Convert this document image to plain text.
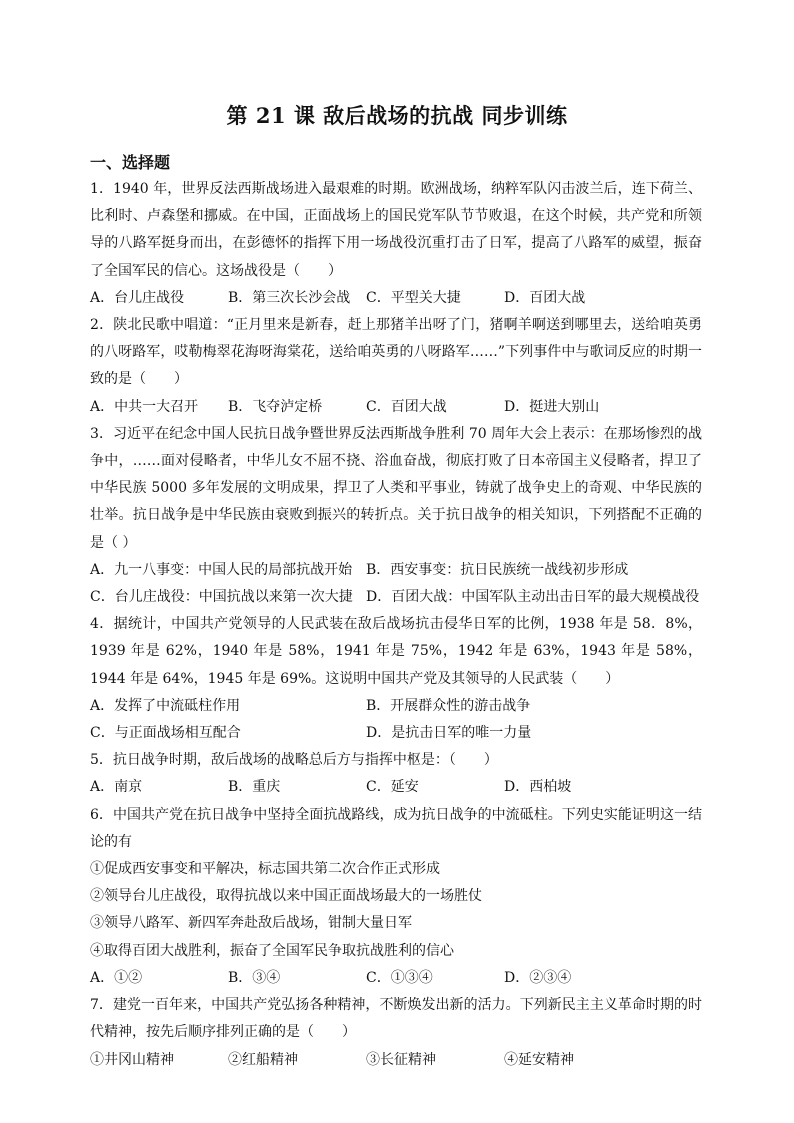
第 21 课 敌后战场的抗战 同步训练
一、选择题

1．1940 年，世界反法西斯战场进入最艰难的时期。欧洲战场，纳粹军队闪击波兰后，连下荷兰、比利时、卢森堡和挪威。在中国，正面战场上的国民党军队节节败退，在这个时候，共产党和所领导的八路军挺身而出，在彭德怀的指挥下用一场战役沉重打击了日军，提高了八路军的威望，振奋了全国军民的信心。这场战役是（　　）

A．台儿庄战役	B．第三次长沙会战	C．平型关大捷	D．百团大战

2．陕北民歌中唱道：“正月里来是新春，赶上那猪羊出呀了门，猪啊羊啊送到哪里去，送给咱英勇的八呀路军，哎勒梅翠花海呀海棠花，送给咱英勇的八呀路军……”下列事件中与歌词反应的时期一致的是（　　）

A．中共一大召开	B．飞夺泸定桥	C．百团大战	D．挺进大别山

3．习近平在纪念中国人民抗日战争暨世界反法西斯战争胜利 70 周年大会上表示：在那场惨烈的战争中，……面对侵略者，中华儿女不屈不挠、浴血奋战，彻底打败了日本帝国主义侵略者，捍卫了中华民族 5000 多年发展的文明成果，捍卫了人类和平事业，铸就了战争史上的奇观、中华民族的壮举。抗日战争是中华民族由衰败到振兴的转折点。关于抗日战争的相关知识，下列搭配不正确的是（ ）

A．九一八事变：中国人民的局部抗战开始 B．西安事变：抗日民族统一战线初步形成
C．台儿庄战役：中国抗战以来第一次大捷 D．百团大战：中国军队主动出击日军的最大规模战役

4．据统计，中国共产党领导的人民武装在敌后战场抗击侵华日军的比例，1938 年是 58．8%，1939 年是 62%，1940 年是 58%，1941 年是 75%，1942 年是 63%，1943 年是 58%，1944 年是 64%，1945 年是 69%。这说明中国共产党及其领导的人民武装（　　）

A．发挥了中流砥柱作用	B．开展群众性的游击战争
C．与正面战场相互配合	D．是抗击日军的唯一力量

5．抗日战争时期，敌后战场的战略总后方与指挥中枢是：（　　）

A．南京	B．重庆	C．延安	D．西柏坡

6．中国共产党在抗日战争中坚持全面抗战路线，成为抗日战争的中流砥柱。下列史实能证明这一结论的有

①促成西安事变和平解决，标志国共第二次合作正式形成

②领导台儿庄战役，取得抗战以来中国正面战场最大的一场胜仗

③领导八路军、新四军奔赴敌后战场，钳制大量日军

④取得百团大战胜利，振奋了全国军民争取抗战胜利的信心

A．①②	B．③④	C．①③④	D．②③④

7．建党一百年来，中国共产党弘扬各种精神，不断焕发出新的活力。下列新民主主义革命时期的时代精神，按先后顺序排列正确的是（　　）

①井冈山精神	②红船精神	③长征精神	④延安精神
